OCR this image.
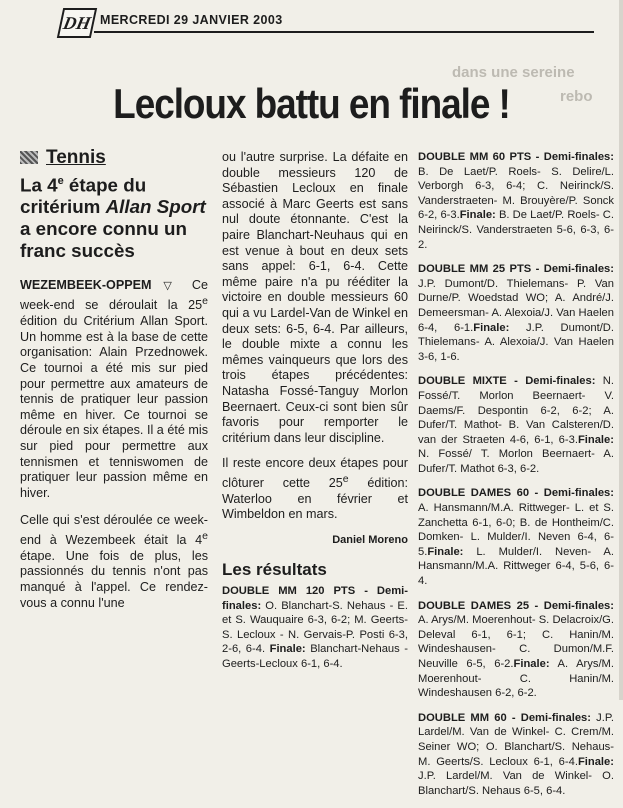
DH MERCREDI 29 JANVIER 2003
dans une sereine
rebo
Lecloux battu en finale !
Tennis
La 4e étape du critérium Allan Sport a encore connu un franc succès

WEZEMBEEK-OPPEM ▽ Ce week-end se déroulait la 25e édition du Critérium Allan Sport. Un homme est à la base de cette organisation: Alain Przednowek. Ce tournoi a été mis sur pied pour permettre aux amateurs de tennis de pratiquer leur passion même en hiver. Ce tournoi se déroule en six étapes. Il a été mis sur pied pour permettre aux tennismen et tenniswomen de pratiquer leur passion même en hiver.

Celle qui s'est déroulée ce week-end à Wezembeek était la 4e étape. Une fois de plus, les passionnés du tennis n'ont pas manqué à l'appel. Ce rendez-vous a connu l'une

ou l'autre surprise. La défaite en double messieurs 120 de Sébastien Lecloux en finale associé à Marc Geerts est sans nul doute étonnante. C'est la paire Blanchart-Neuhaus qui en est venue à bout en deux sets sans appel: 6-1, 6-4. Cette même paire n'a pu rééditer la victoire en double messieurs 60 qui a vu Lardel-Van de Winkel en deux sets: 6-5, 6-4. Par ailleurs, le double mixte a connu les mêmes vainqueurs que lors des trois étapes précédentes: Natasha Fossé-Tanguy Morlon Beernaert. Ceux-ci sont bien sûr favoris pour remporter le critérium dans leur discipline.

Il reste encore deux étapes pour clôturer cette 25e édition: Waterloo en février et Wimbeldon en mars.

Daniel Moreno
Les résultats
DOUBLE MM 120 PTS - Demi-finales: O. Blanchart-S. Nehaus - E. et S. Wauquaire 6-3, 6-2; M. Geerts-S. Lecloux - N. Gervais-P. Posti 6-3, 2-6, 6-4. Finale: Blanchart-Nehaus - Geerts-Lecloux 6-1, 6-4.
DOUBLE MM 60 PTS - Demi-finales: B. De Laet/P. Roels- S. Delire/L. Verborgh 6-3, 6-4; C. Neirinck/S. Vanderstraeten- M. Brouyère/P. Sonck 6-2, 6-3.Finale: B. De Laet/P. Roels- C. Neirinck/S. Vanderstraeten 5-6, 6-3, 6-2.
DOUBLE MM 25 PTS - Demi-finales: J.P. Dumont/D. Thielemans- P. Van Durne/P. Woedstad WO; A. André/J. Demeersman- A. Alexoia/J. Van Haelen 6-4, 6-1.Finale: J.P. Dumont/D. Thielemans- A. Alexoia/J. Van Haelen 3-6, 1-6.
DOUBLE MIXTE - Demi-finales: N. Fossé/T. Morlon Beernaert- V. Daems/F. Despontin 6-2, 6-2; A. Dufer/T. Mathot- B. Van Calsteren/D. van der Straeten 4-6, 6-1, 6-3.Finale: N. Fossé/ T. Morlon Beernaert- A. Dufer/T. Mathot 6-3, 6-2.
DOUBLE DAMES 60 - Demi-finales: A. Hansmann/M.A. Rittweger- L. et S. Zanchetta 6-1, 6-0; B. de Hontheim/C. Domken- L. Mulder/I. Neven 6-4, 6-5.Finale: L. Mulder/I. Neven- A. Hansmann/M.A. Rittweger 6-4, 5-6, 6-4.
DOUBLE DAMES 25 - Demi-finales: A. Arys/M. Moerenhout- S. Delacroix/G. Deleval 6-1, 6-1; C. Hanin/M. Windeshausen- C. Dumon/M.F. Neuville 6-5, 6-2.Finale: A. Arys/M. Moerenhout- C. Hanin/M. Windeshausen 6-2, 6-2.
DOUBLE MM 60 - Demi-finales: J.P. Lardel/M. Van de Winkel- C. Crem/M. Seiner WO; O. Blanchart/S. Nehaus- M. Geerts/S. Lecloux 6-1, 6-4.Finale: J.P. Lardel/M. Van de Winkel- O. Blanchart/S. Nehaus 6-5, 6-4.
